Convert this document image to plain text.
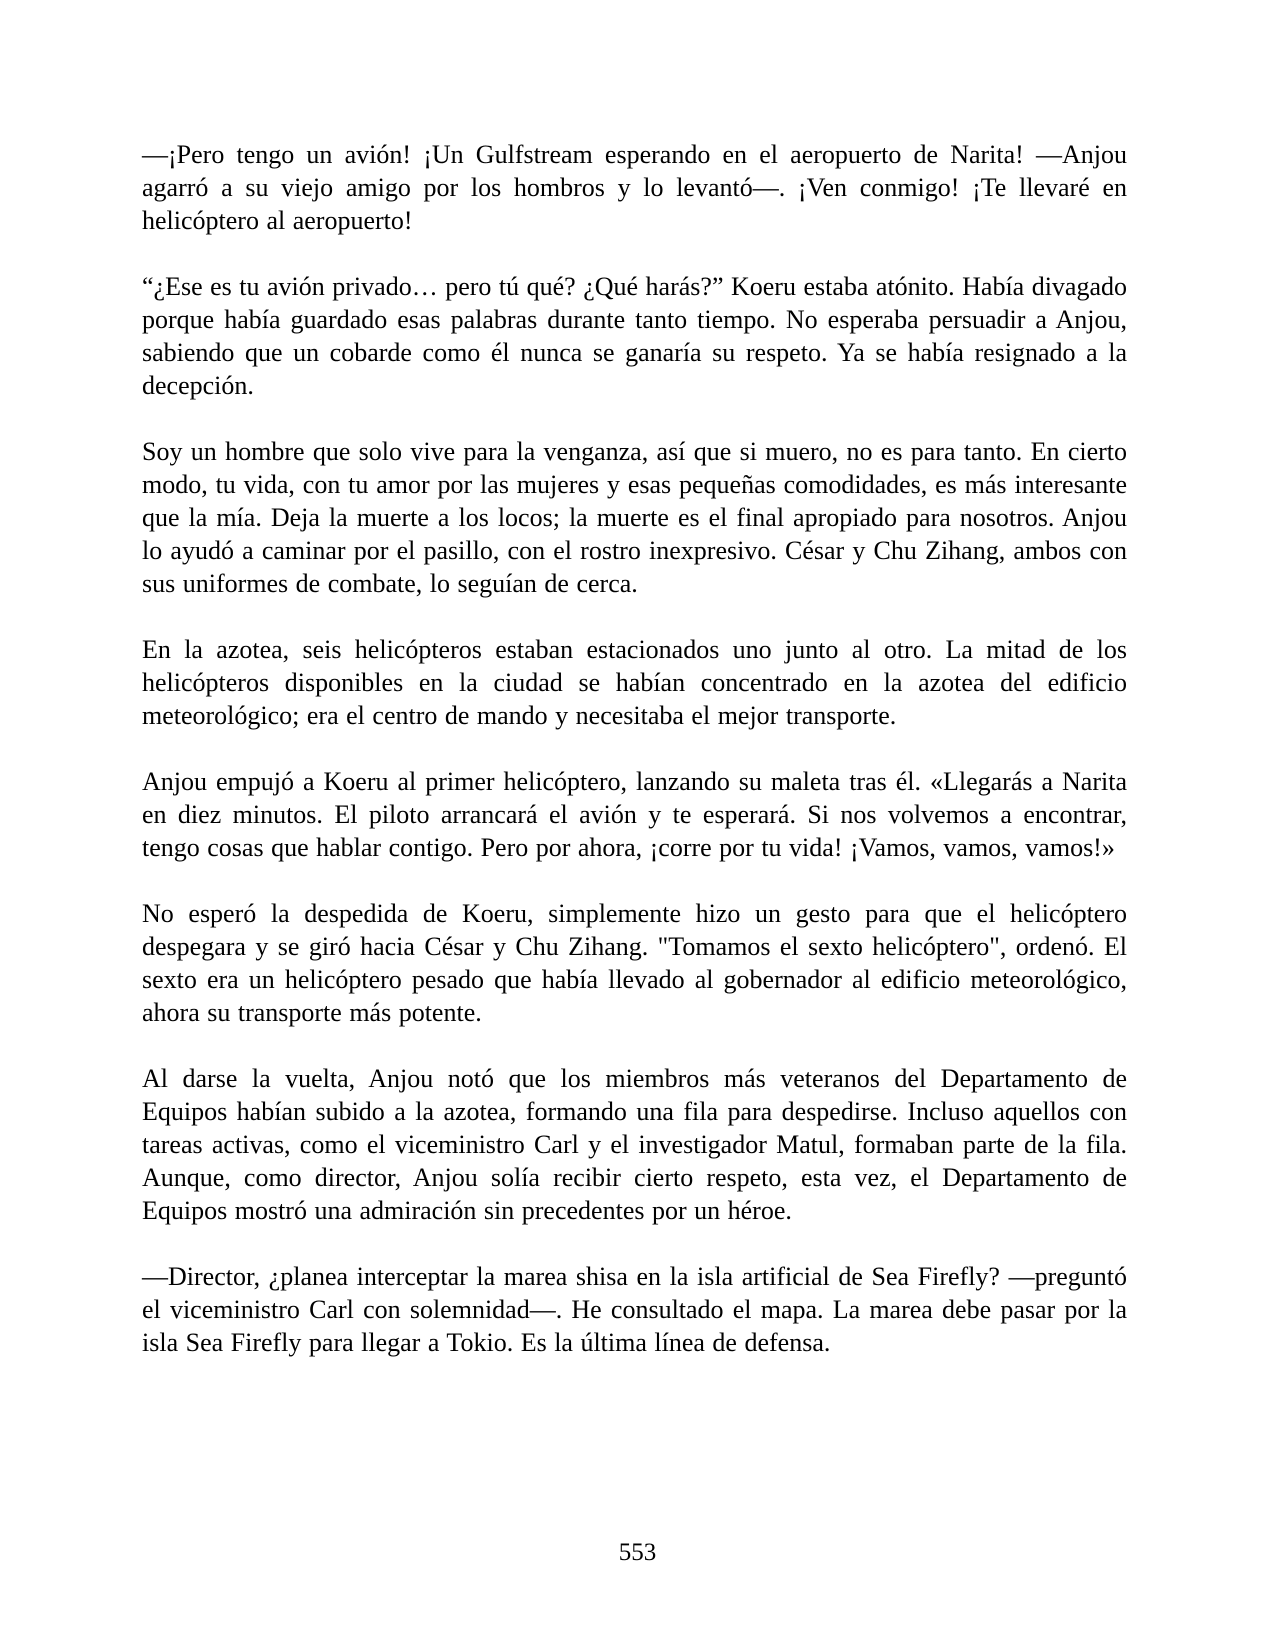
—¡Pero tengo un avión! ¡Un Gulfstream esperando en el aeropuerto de Narita! —Anjou agarró a su viejo amigo por los hombros y lo levantó—. ¡Ven conmigo! ¡Te llevaré en helicóptero al aeropuerto!

“¿Ese es tu avión privado… pero tú qué? ¿Qué harás?” Koeru estaba atónito. Había divagado porque había guardado esas palabras durante tanto tiempo. No esperaba persuadir a Anjou, sabiendo que un cobarde como él nunca se ganaría su respeto. Ya se había resignado a la decepción.

Soy un hombre que solo vive para la venganza, así que si muero, no es para tanto. En cierto modo, tu vida, con tu amor por las mujeres y esas pequeñas comodidades, es más interesante que la mía. Deja la muerte a los locos; la muerte es el final apropiado para nosotros. Anjou lo ayudó a caminar por el pasillo, con el rostro inexpresivo. César y Chu Zihang, ambos con sus uniformes de combate, lo seguían de cerca.

En la azotea, seis helicópteros estaban estacionados uno junto al otro. La mitad de los helicópteros disponibles en la ciudad se habían concentrado en la azotea del edificio meteorológico; era el centro de mando y necesitaba el mejor transporte.

Anjou empujó a Koeru al primer helicóptero, lanzando su maleta tras él. «Llegarás a Narita en diez minutos. El piloto arrancará el avión y te esperará. Si nos volvemos a encontrar, tengo cosas que hablar contigo. Pero por ahora, ¡corre por tu vida! ¡Vamos, vamos, vamos!»

No esperó la despedida de Koeru, simplemente hizo un gesto para que el helicóptero despegara y se giró hacia César y Chu Zihang. "Tomamos el sexto helicóptero", ordenó. El sexto era un helicóptero pesado que había llevado al gobernador al edificio meteorológico, ahora su transporte más potente.

Al darse la vuelta, Anjou notó que los miembros más veteranos del Departamento de Equipos habían subido a la azotea, formando una fila para despedirse. Incluso aquellos con tareas activas, como el viceministro Carl y el investigador Matul, formaban parte de la fila. Aunque, como director, Anjou solía recibir cierto respeto, esta vez, el Departamento de Equipos mostró una admiración sin precedentes por un héroe.

—Director, ¿planea interceptar la marea shisa en la isla artificial de Sea Firefly? —preguntó el viceministro Carl con solemnidad—. He consultado el mapa. La marea debe pasar por la isla Sea Firefly para llegar a Tokio. Es la última línea de defensa.

553
